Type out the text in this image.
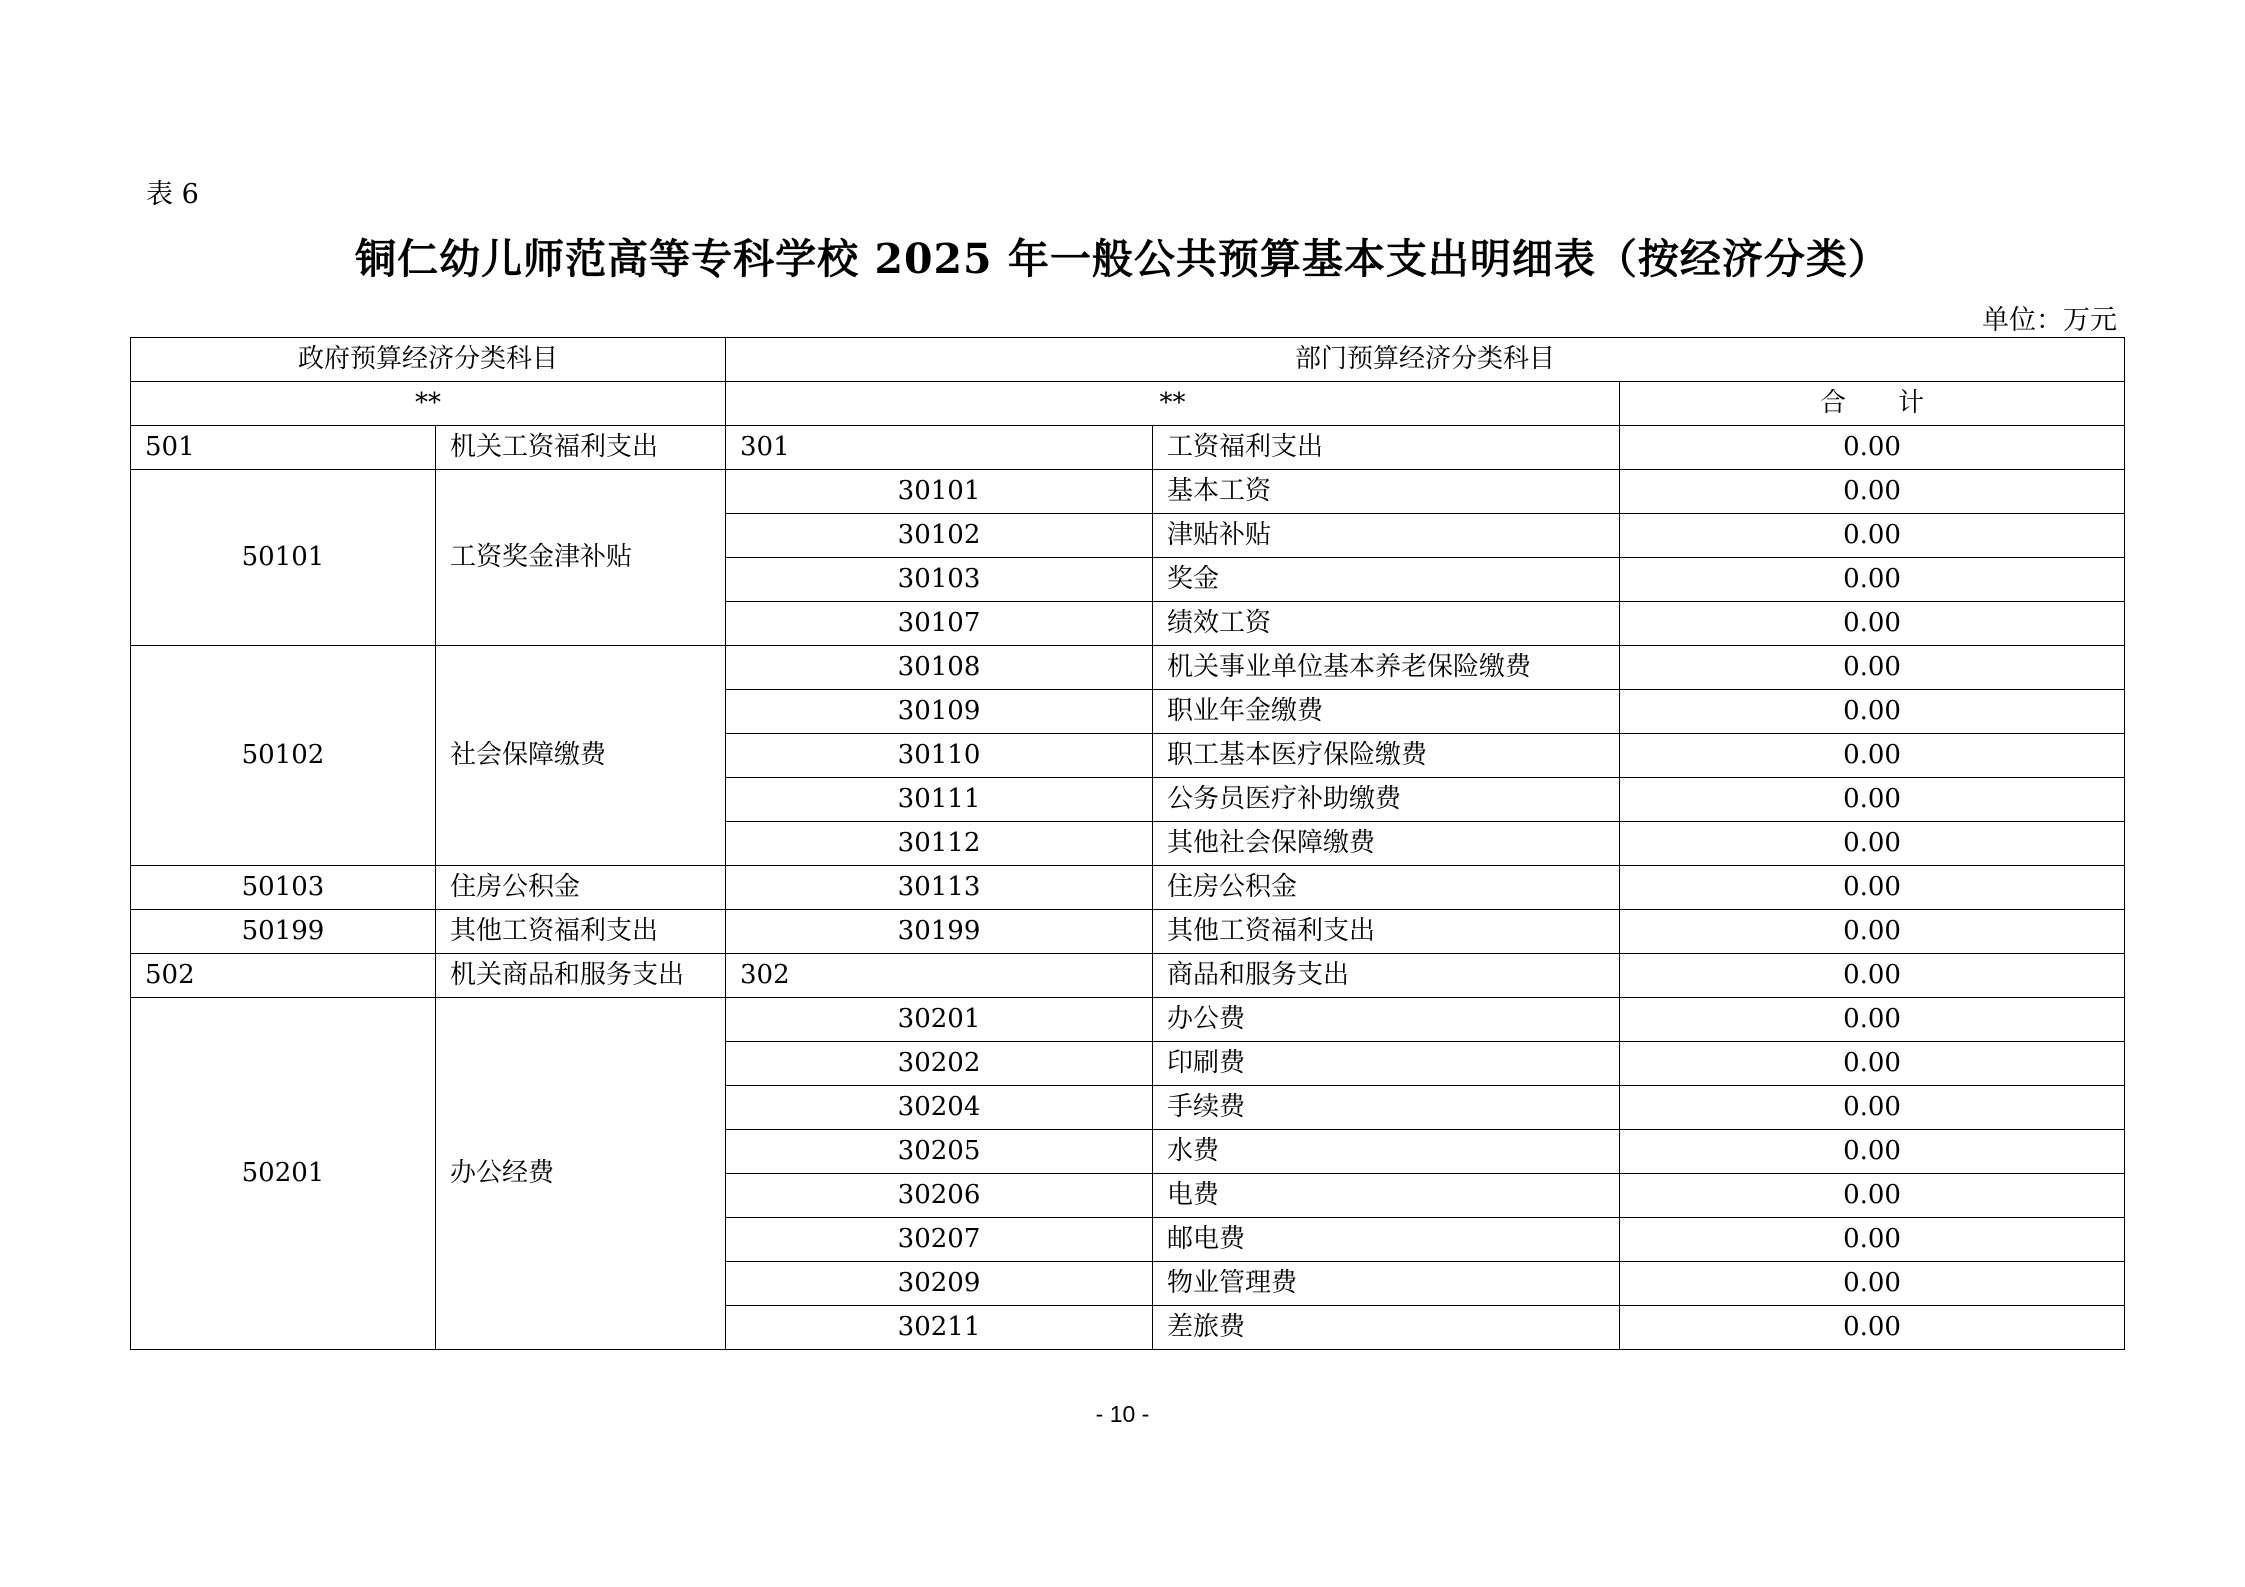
表 6
铜仁幼儿师范高等专科学校 2025 年一般公共预算基本支出明细表（按经济分类）
单位：万元
政府预算经济分类科目		部门预算经济分类科目		
**		**		合　　计
501	机关工资福利支出	301	工资福利支出	0.00
50101	工资奖金津补贴	30101	基本工资	0.00
		30102	津贴补贴	0.00
		30103	奖金	0.00
		30107	绩效工资	0.00
50102	社会保障缴费	30108	机关事业单位基本养老保险缴费	0.00
		30109	职业年金缴费	0.00
		30110	职工基本医疗保险缴费	0.00
		30111	公务员医疗补助缴费	0.00
		30112	其他社会保障缴费	0.00
50103	住房公积金	30113	住房公积金	0.00
50199	其他工资福利支出	30199	其他工资福利支出	0.00
502	机关商品和服务支出	302	商品和服务支出	0.00
50201	办公经费	30201	办公费	0.00
		30202	印刷费	0.00
		30204	手续费	0.00
		30205	水费	0.00
		30206	电费	0.00
		30207	邮电费	0.00
		30209	物业管理费	0.00
		30211	差旅费	0.00
- 10 -
